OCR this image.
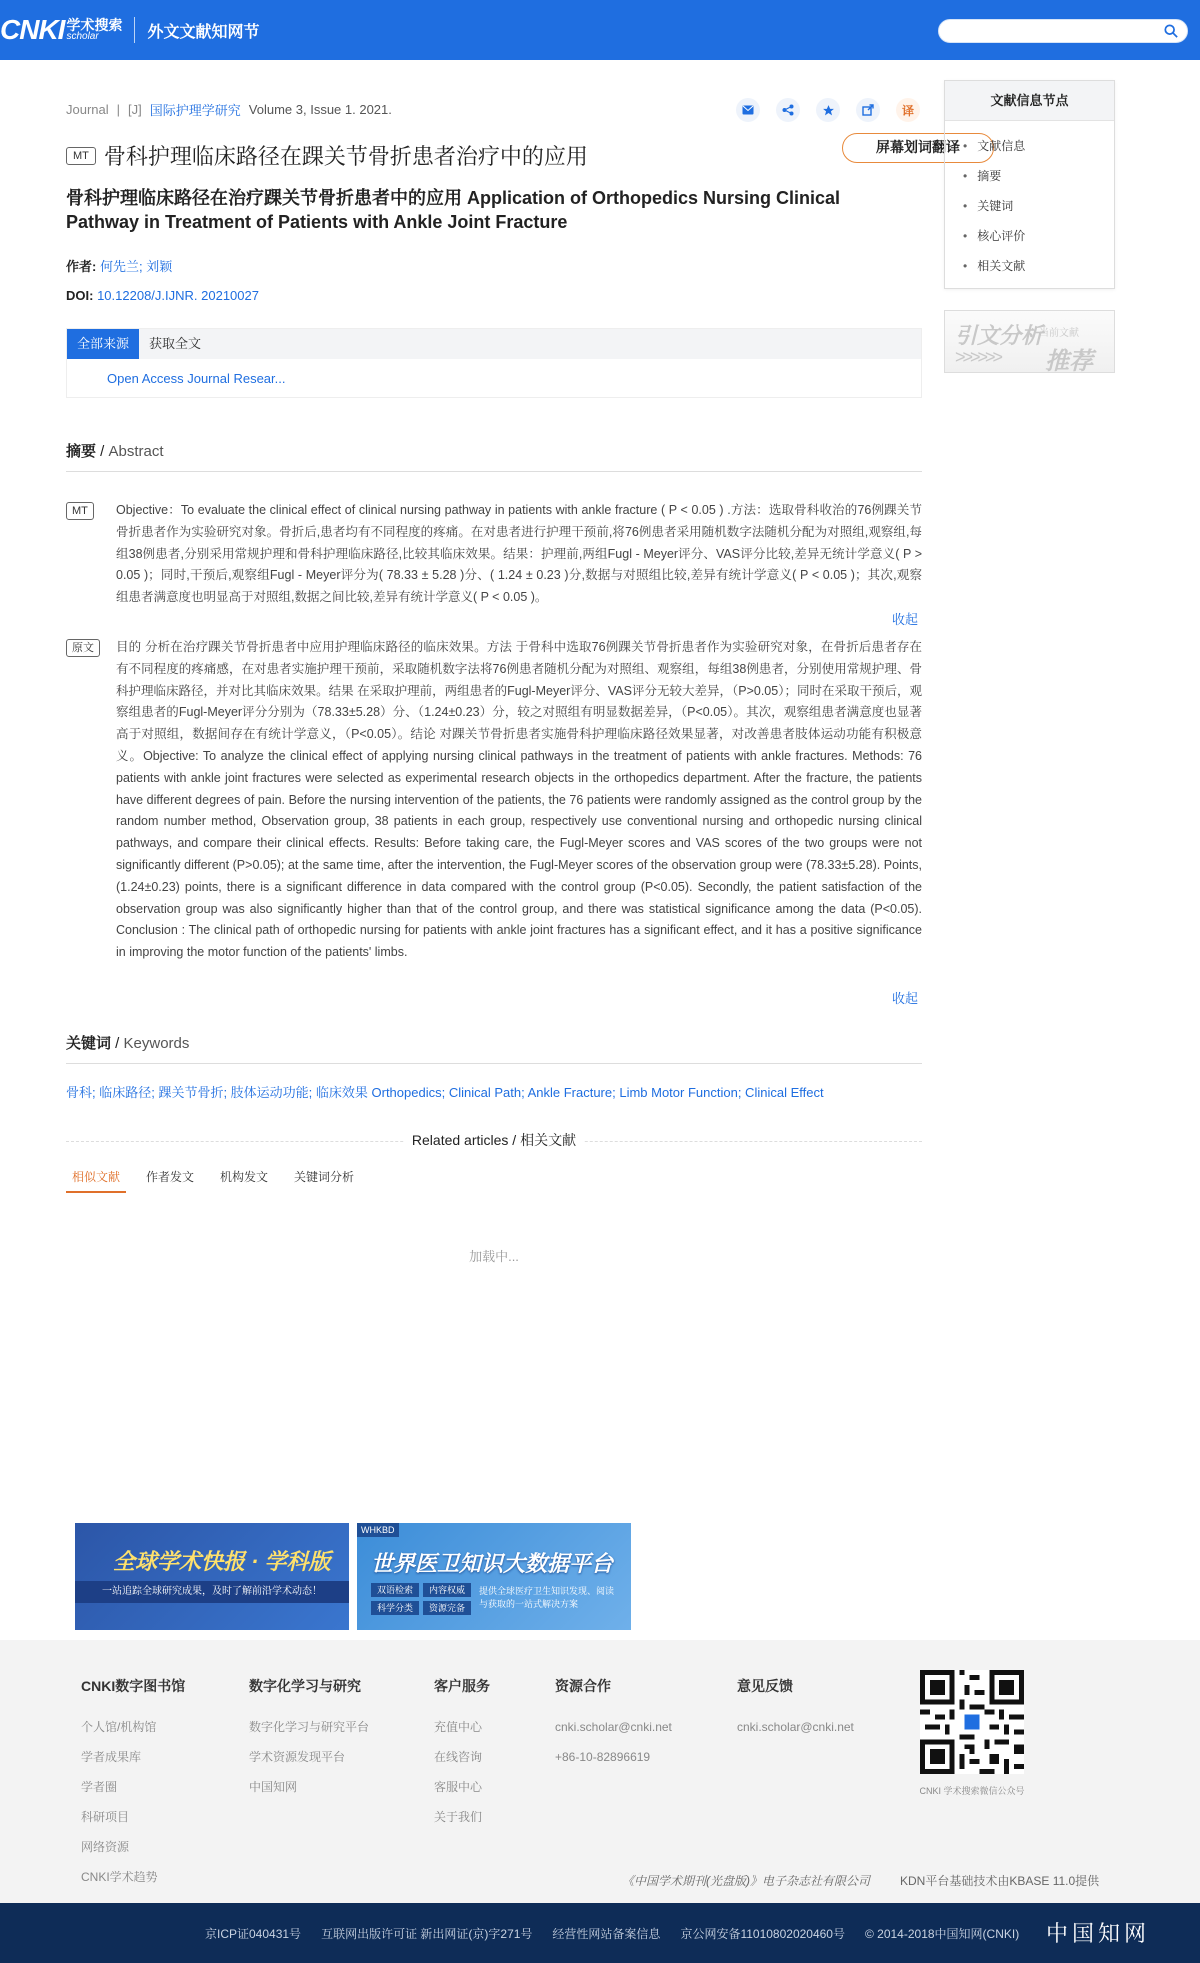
CNKI 学术搜索
scholar	外文文献知网节
Journal | [J] 国际护理学研究 Volume 3, Issue 1. 2021.	译
屏幕划词翻译
MT 骨科护理临床路径在踝关节骨折患者治疗中的应用
骨科护理临床路径在治疗踝关节骨折患者中的应用 Application of Orthopedics Nursing Clinical Pathway in Treatment of Patients with Ankle Joint Fracture
作者: 何先兰; 刘颖
DOI: 10.12208/J.IJNR. 20210027
全部来源	获取全文
Open Access Journal Resear...
摘要 / Abstract
MT	Objective：To evaluate the clinical effect of clinical nursing pathway in patients with ankle fracture ( P < 0.05 ) .方法：选取骨科收治的76例踝关节骨折患者作为实验研究对象。骨折后,患者均有不同程度的疼痛。在对患者进行护理干预前,将76例患者采用随机数字法随机分配为对照组,观察组,每组38例患者,分别采用常规护理和骨科护理临床路径,比较其临床效果。结果：护理前,两组Fugl - Meyer评分、VAS评分比较,差异无统计学意义( P > 0.05 )；同时,干预后,观察组Fugl - Meyer评分为( 78.33 ± 5.28 )分、( 1.24 ± 0.23 )分,数据与对照组比较,差异有统计学意义( P < 0.05 )；其次,观察组患者满意度也明显高于对照组,数据之间比较,差异有统计学意义( P < 0.05 )。
收起
原文	目的 分析在治疗踝关节骨折患者中应用护理临床路径的临床效果。方法 于骨科中选取76例踝关节骨折患者作为实验研究对象，在骨折后患者存在有不同程度的疼痛感，在对患者实施护理干预前，采取随机数字法将76例患者随机分配为对照组、观察组，每组38例患者，分别使用常规护理、骨科护理临床路径，并对比其临床效果。结果 在采取护理前，两组患者的Fugl-Meyer评分、VAS评分无较大差异，（P>0.05）；同时在采取干预后，观察组患者的Fugl-Meyer评分分别为（78.33±5.28）分、（1.24±0.23）分，较之对照组有明显数据差异，（P<0.05）。其次，观察组患者满意度也显著高于对照组，数据间存在有统计学意义，（P<0.05）。结论 对踝关节骨折患者实施骨科护理临床路径效果显著，对改善患者肢体运动功能有积极意义。Objective: To analyze the clinical effect of applying nursing clinical pathways in the treatment of patients with ankle fractures. Methods: 76 patients with ankle joint fractures were selected as experimental research objects in the orthopedics department. After the fracture, the patients have different degrees of pain. Before the nursing intervention of the patients, the 76 patients were randomly assigned as the control group by the random number method, Observation group, 38 patients in each group, respectively use conventional nursing and orthopedic nursing clinical pathways, and compare their clinical effects. Results: Before taking care, the Fugl-Meyer scores and VAS scores of the two groups were not significantly different (P>0.05); at the same time, after the intervention, the Fugl-Meyer scores of the observation group were (78.33±5.28). Points, (1.24±0.23) points, there is a significant difference in data compared with the control group (P<0.05). Secondly, the patient satisfaction of the observation group was also significantly higher than that of the control group, and there was statistical significance among the data (P<0.05). Conclusion : The clinical path of orthopedic nursing for patients with ankle joint fractures has a significant effect, and it has a positive significance in improving the motor function of the patients' limbs.
收起
关键词 / Keywords
骨科; 临床路径; 踝关节骨折; 肢体运动功能; 临床效果 Orthopedics; Clinical Path; Ankle Fracture; Limb Motor Function; Clinical Effect
Related articles / 相关文献
相似文献	作者发文	机构发文	关键词分析
加载中...
文献信息节点
• 文献信息
• 摘要
• 关键词
• 核心评价
• 相关文献
引文分析
当前文献
>>>>>> 推荐
全球学术快报 · 学科版
一站追踪全球研究成果，及时了解前沿学术动态！
WHKBD
世界医卫知识大数据平台
双语检索	内容权威
科学分类	资源完备
提供全球医疗卫生知识发现、阅读与获取的一站式解决方案
CNKI数字图书馆
个人馆/机构馆
学者成果库
学者圈
科研项目
网络资源
CNKI学术趋势
数字化学习与研究
数字化学习与研究平台
学术资源发现平台
中国知网
客户服务
充值中心
在线咨询
客服中心
关于我们
资源合作
cnki.scholar@cnki.net
+86-10-82896619
意见反馈
cnki.scholar@cnki.net
CNKI 学术搜索微信公众号
《中国学术期刊(光盘版)》电子杂志社有限公司	KDN平台基础技术由KBASE 11.0提供
京ICP证040431号 互联网出版许可证 新出网证(京)字271号 经营性网站备案信息 京公网安备11010802020460号 © 2014-2018中国知网(CNKI) 中国知网
